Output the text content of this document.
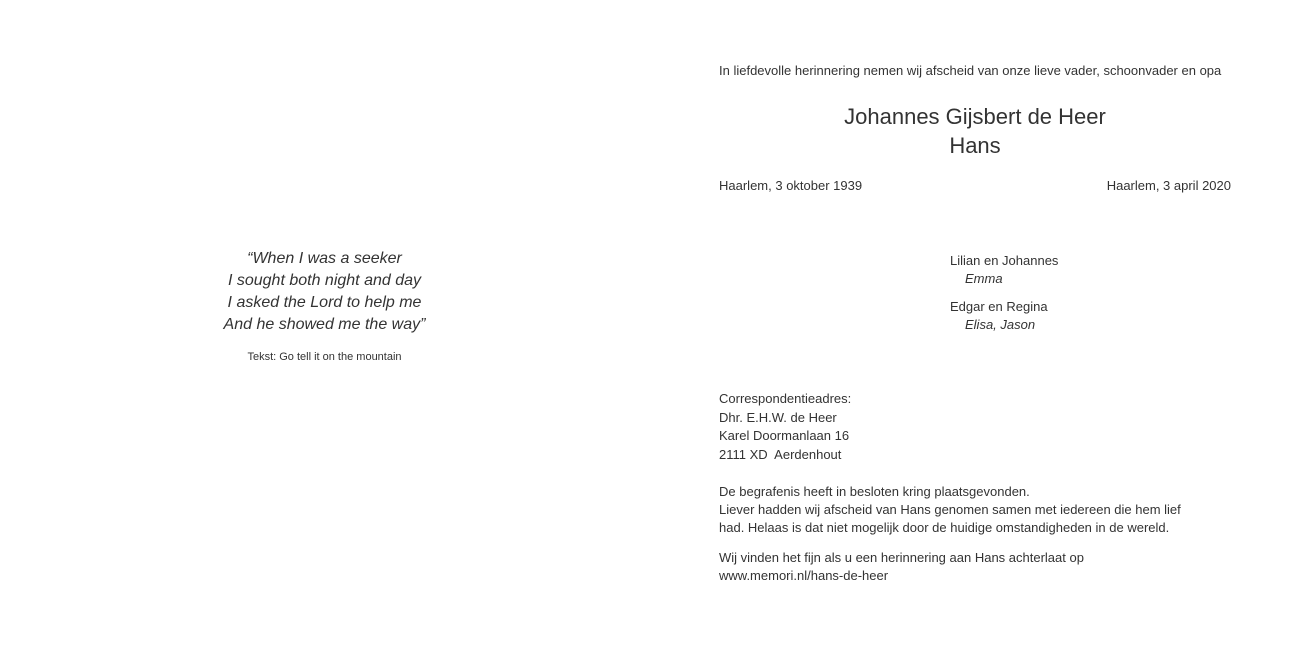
“When I was a seeker
I sought both night and day
I asked the Lord to help me
And he showed me the way”
Tekst: Go tell it on the mountain
In liefdevolle herinnering nemen wij afscheid van onze lieve vader, schoonvader en opa
Johannes Gijsbert de Heer
Hans
Haarlem, 3 oktober 1939	Haarlem, 3 april 2020
Lilian en Johannes
Emma
Edgar en Regina
Elisa, Jason
Correspondentieadres:
Dhr. E.H.W. de Heer
Karel Doormanlaan 16
2111 XD  Aerdenhout
De begrafenis heeft in besloten kring plaatsgevonden.
Liever hadden wij afscheid van Hans genomen samen met iedereen die hem lief
had. Helaas is dat niet mogelijk door de huidige omstandigheden in de wereld.
Wij vinden het fijn als u een herinnering aan Hans achterlaat op
www.memori.nl/hans-de-heer
